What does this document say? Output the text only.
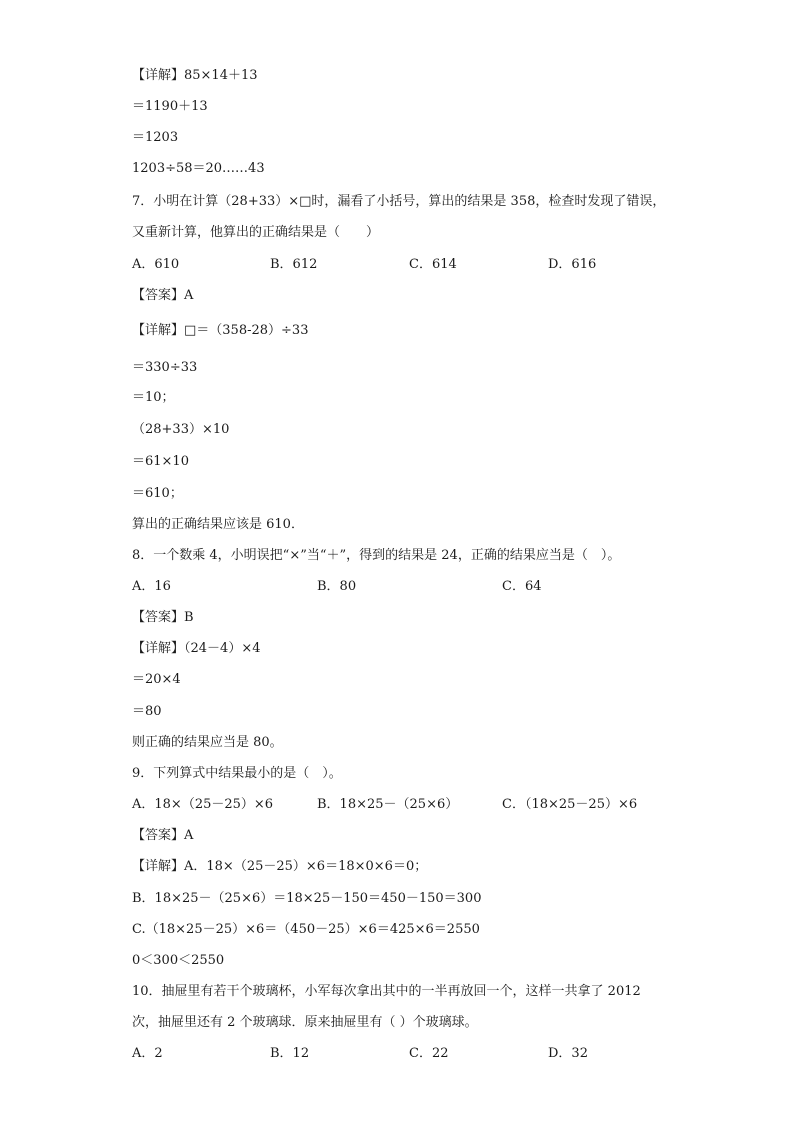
【详解】85×14＋13
＝1190＋13
＝1203
1203÷58＝20……43
7．小明在计算（28+33）×□时，漏看了小括号，算出的结果是 358，检查时发现了错误，
又重新计算，他算出的正确结果是（　　）
A．610	B．612	C．614	D．616
【答案】A
【详解】□＝（358-28）÷33
＝330÷33
＝10；
（28+33）×10
＝61×10
＝610；
算出的正确结果应该是 610．
8．一个数乘 4，小明误把“×”当“＋”，得到的结果是 24，正确的结果应当是（　）。
A．16	B．80	C．64
【答案】B
【详解】（24－4）×4
＝20×4
＝80
则正确的结果应当是 80。
9．下列算式中结果最小的是（　）。
A．18×（25－25）×6	B．18×25－（25×6）	C．（18×25－25）×6
【答案】A
【详解】A．18×（25－25）×6＝18×0×6＝0；
B．18×25－（25×6）＝18×25－150＝450－150＝300
C.（18×25－25）×6＝（450－25）×6＝425×6＝2550
0＜300＜2550
10．抽屉里有若干个玻璃杯，小军每次拿出其中的一半再放回一个，这样一共拿了 2012
次，抽屉里还有 2 个玻璃球．原来抽屉里有（ ）个玻璃球。
A．2	B．12	C．22	D．32
